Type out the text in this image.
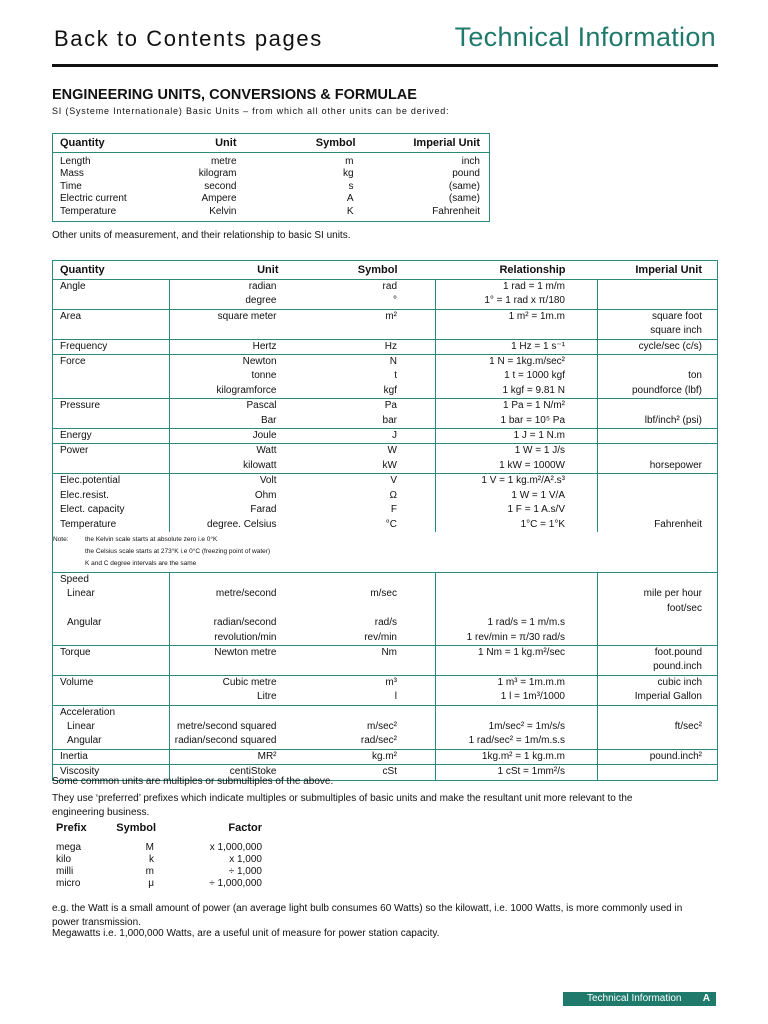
Back to Contents pages	Technical Information
ENGINEERING UNITS, CONVERSIONS & FORMULAE
SI (Systeme Internationale) Basic Units – from which all other units can be derived:
Quantity	Unit	Symbol	Imperial Unit
Length	metre	m	inch
Mass	kilogram	kg	pound
Time	second	s	(same)
Electric current	Ampere	A	(same)
Temperature	Kelvin	K	Fahrenheit
Other units of measurement, and their relationship to basic SI units.
Quantity	Unit	Symbol	Relationship	Imperial Unit
Angle	radian	rad	1 rad = 1 m/m	
	degree	°	1° = 1 rad x π/180	
Area	square meter	m²	1 m² = 1m.m	square foot
				square inch
Frequency	Hertz	Hz	1 Hz = 1 s⁻¹	cycle/sec (c/s)
Force	Newton	N	1 N = 1kg.m/sec²	
	tonne	t	1 t = 1000 kgf	ton
	kilogramforce	kgf	1 kgf = 9.81 N	poundforce (lbf)
Pressure	Pascal	Pa	1 Pa = 1 N/m²	
	Bar	bar	1 bar = 10⁵ Pa	lbf/inch² (psi)
Energy	Joule	J	1 J = 1 N.m	
Power	Watt	W	1 W = 1 J/s	
	kilowatt	kW	1 kW = 1000W	horsepower
Elec.potential	Volt	V	1 V = 1 kg.m²/A².s³	
Elec.resist.	Ohm	Ω	1 W = 1 V/A	
Elect. capacity	Farad	F	1 F = 1 A.s/V	
Temperature	degree. Celsius	°C	1°C = 1°K	Fahrenheit

Note: the Kelvin scale starts at absolute zero i.e 0°K
the Celsius scale starts at 273°K i.e 0°C (freezing point of water)
K and C degree intervals are the same				

Speed				
Linear	metre/second	m/sec		mile per hour
				foot/sec
Angular	radian/second	rad/s	1 rad/s = 1 m/m.s	
	revolution/min	rev/min	1 rev/min = π/30 rad/s	
Torque	Newton metre	Nm	1 Nm = 1 kg.m²/sec	foot.pound
				pound.inch
Volume	Cubic metre	m³	1 m³ = 1m.m.m	cubic inch
	Litre	l	1 l = 1m³/1000	Imperial Gallon
Acceleration				
Linear	metre/second squared	m/sec²	1m/sec² = 1m/s/s	ft/sec²
Angular	radian/second squared	rad/sec²	1 rad/sec² = 1m/m.s.s	
Inertia	MR²	kg.m²	1kg.m² = 1 kg.m.m	pound.inch²
Viscosity	centiStoke	cSt	1 cSt = 1mm²/s	
Some common units are multiples or submultiples of the above.
They use ‘preferred’ prefixes which indicate multiples or submultiples of basic units and make the resultant unit more relevant to the engineering business.
Prefix	Symbol	Factor
mega	M	x 1,000,000
kilo	k	x 1,000
milli	m	÷ 1,000
micro	μ	÷ 1,000,000
e.g. the Watt is a small amount of power (an average light bulb consumes 60 Watts) so the kilowatt, i.e. 1000 Watts, is more commonly used in power transmission.
Megawatts i.e. 1,000,000 Watts, are a useful unit of measure for power station capacity.
Technical Information A
